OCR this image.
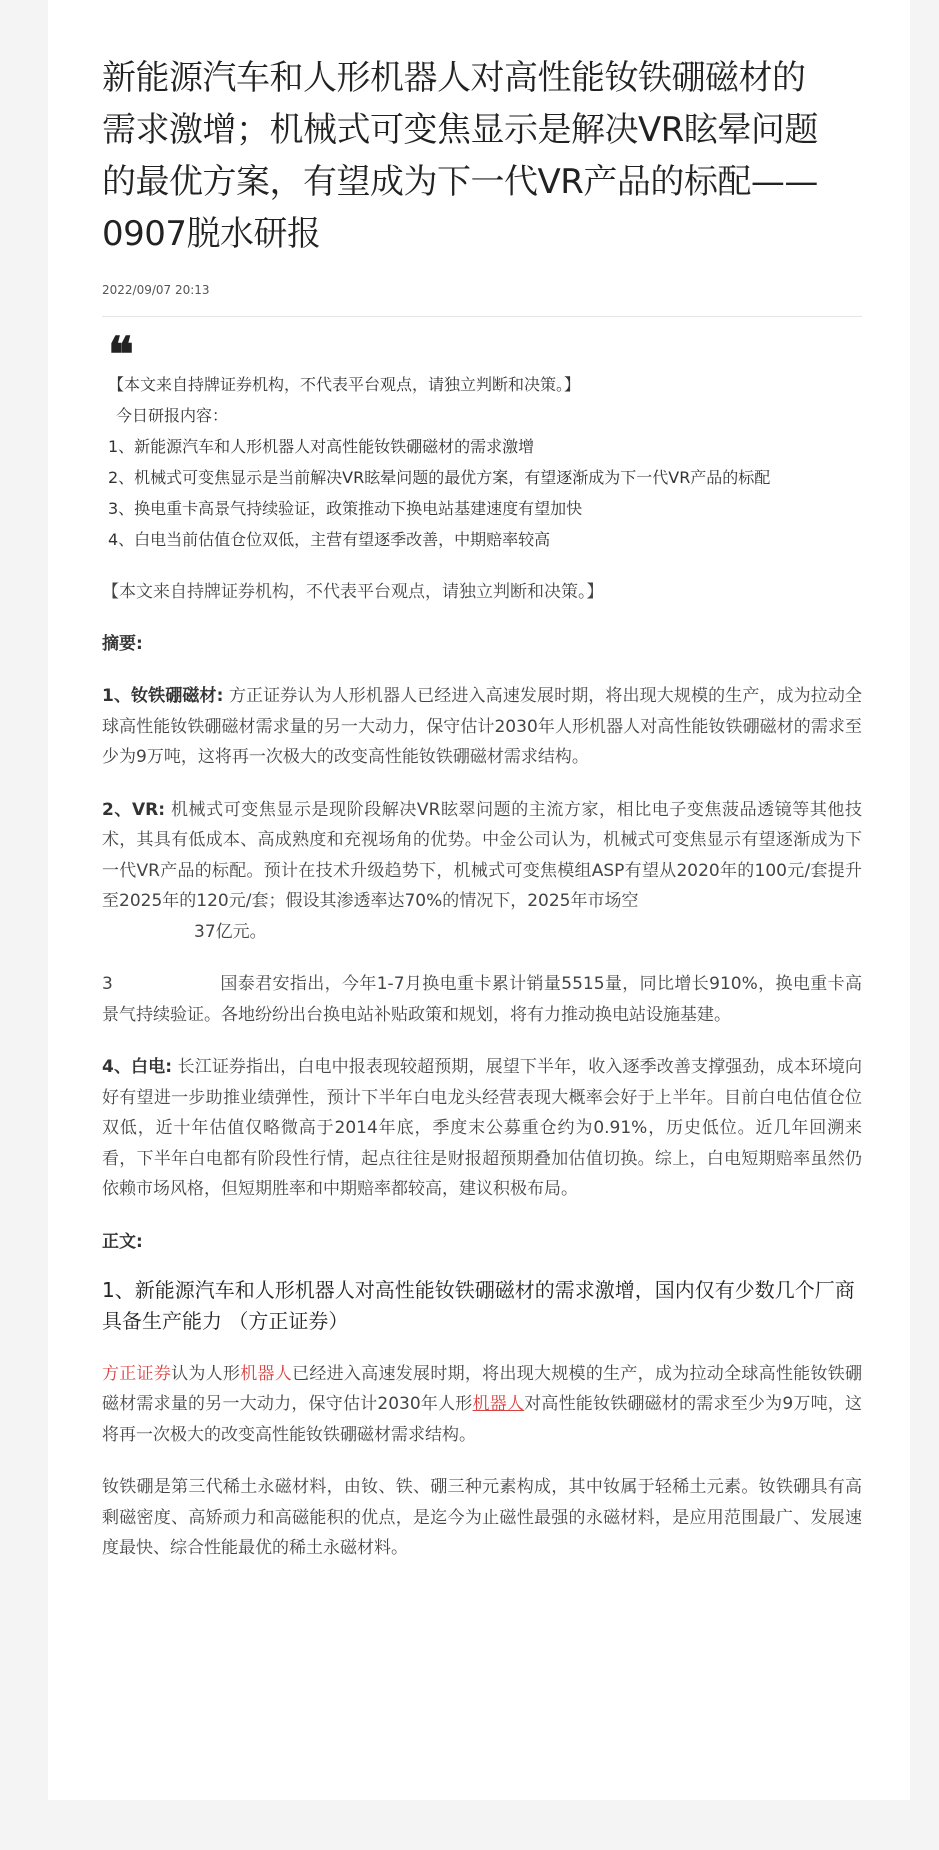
新能源汽车和人形机器人对高性能钕铁硼磁材的
需求激增；机械式可变焦显示是解决VR眩晕问题
的最优方案，有望成为下一代VR产品的标配——
0907脱水研报
2022/09/07 20:13
❝
【本文来自持牌证券机构，不代表平台观点，请独立判断和决策。】
今日研报内容：
1、新能源汽车和人形机器人对高性能钕铁硼磁材的需求激增
2、机械式可变焦显示是当前解决VR眩晕问题的最优方案，有望逐渐成为下一代VR产品的标配
3、换电重卡高景气持续验证，政策推动下换电站基建速度有望加快
4、白电当前估值仓位双低，主营有望逐季改善，中期赔率较高
【本文来自持牌证券机构，不代表平台观点，请独立判断和决策。】
摘要:
1、钕铁硼磁材: 方正证券认为人形机器人已经进入高速发展时期，将出现大规模的生产，成为拉动全球高性能钕铁硼磁材需求量的另一大动力，保守估计2030年人形机器人对高性能钕铁硼磁材的需求至少为9万吨，这将再一次极大的改变高性能钕铁硼磁材需求结构。
2、VR: 机械式可变焦显示是现阶段解决VR眩翠问题的主流方家，相比电子变焦菠品透镜等其他技术，其具有低成本、高成熟度和充视场角的优势。中金公司认为，机械式可变焦显示有望逐渐成为下一代VR产品的标配。预计在技术升级趋势下，机械式可变焦模组ASP有望从2020年的100元/套提升至2025年的120元/套；假设其渗透率达70%的情况下，2025年市场空
37亿元。
3	国泰君安指出，今年1-7月换电重卡累计销量5515量，同比增长910%，换电重卡高景气持续验证。各地纷纷出台换电站补贴政策和规划，将有力推动换电站设施基建。
4、白电: 长江证券指出，白电中报表现较超预期，展望下半年，收入逐季改善支撑强劲，成本环境向好有望进一步助推业绩弹性，预计下半年白电龙头经营表现大概率会好于上半年。目前白电估值仓位双低，近十年估值仅略微高于2014年底，季度末公募重仓约为0.91%，历史低位。近几年回溯来看，下半年白电都有阶段性行情，起点往往是财报超预期叠加估值切换。综上，白电短期赔率虽然仍依赖市场风格，但短期胜率和中期赔率都较高，建议积极布局。
正文:
1、新能源汽车和人形机器人对高性能钕铁硼磁材的需求激增，国内仅有少数几个厂商具备生产能力 （方正证券）
方正证券认为人形机器人已经进入高速发展时期，将出现大规模的生产，成为拉动全球高性能钕铁硼磁材需求量的另一大动力，保守估计2030年人形机器人对高性能钕铁硼磁材的需求至少为9万吨，这将再一次极大的改变高性能钕铁硼磁材需求结构。
钕铁硼是第三代稀土永磁材料，由钕、铁、硼三种元素构成，其中钕属于轻稀土元素。钕铁硼具有高剩磁密度、高矫顽力和高磁能积的优点，是迄今为止磁性最强的永磁材料，是应用范围最广、发展速度最快、综合性能最优的稀土永磁材料。
